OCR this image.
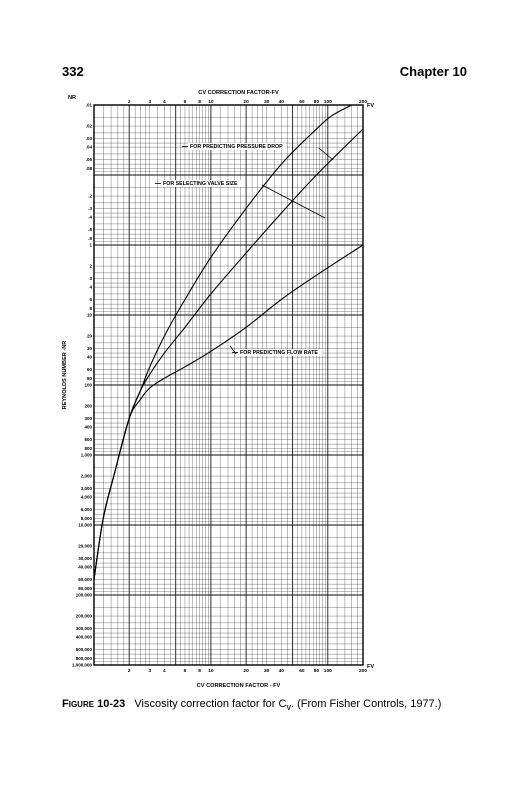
332	Chapter 10
.01
.02
.03
.04
.06
.08
.2
.3
.4
.6
.8
1
2
3
4
6
8
10
20
30
40
60
80
100
200
300
400
600
800
1,000
2,000
3,000
4,000
6,000
8,000
10,000
20,000
30,000
40,000
60,000
80,000
100,000
200,000
300,000
400,000
600,000
800,000
1,000,000
2	3 4	6 8 10	20	30 40	60 80 100	200
2	3 4	6 8 10	20	30 40	60 80 100	200
FOR PREDICTING PRESSURE DROP
FOR SELECTING VALVE SIZE
FOR PREDICTING FLOW RATE
CV CORRECTION FACTOR-FV
CV CORRECTION FACTOR - FV
REYNOLDS NUMBER -NR
NR
FV
FV
Figure 10-23 Viscosity correction factor for $C_v$. (From Fisher Controls, 1977.)
